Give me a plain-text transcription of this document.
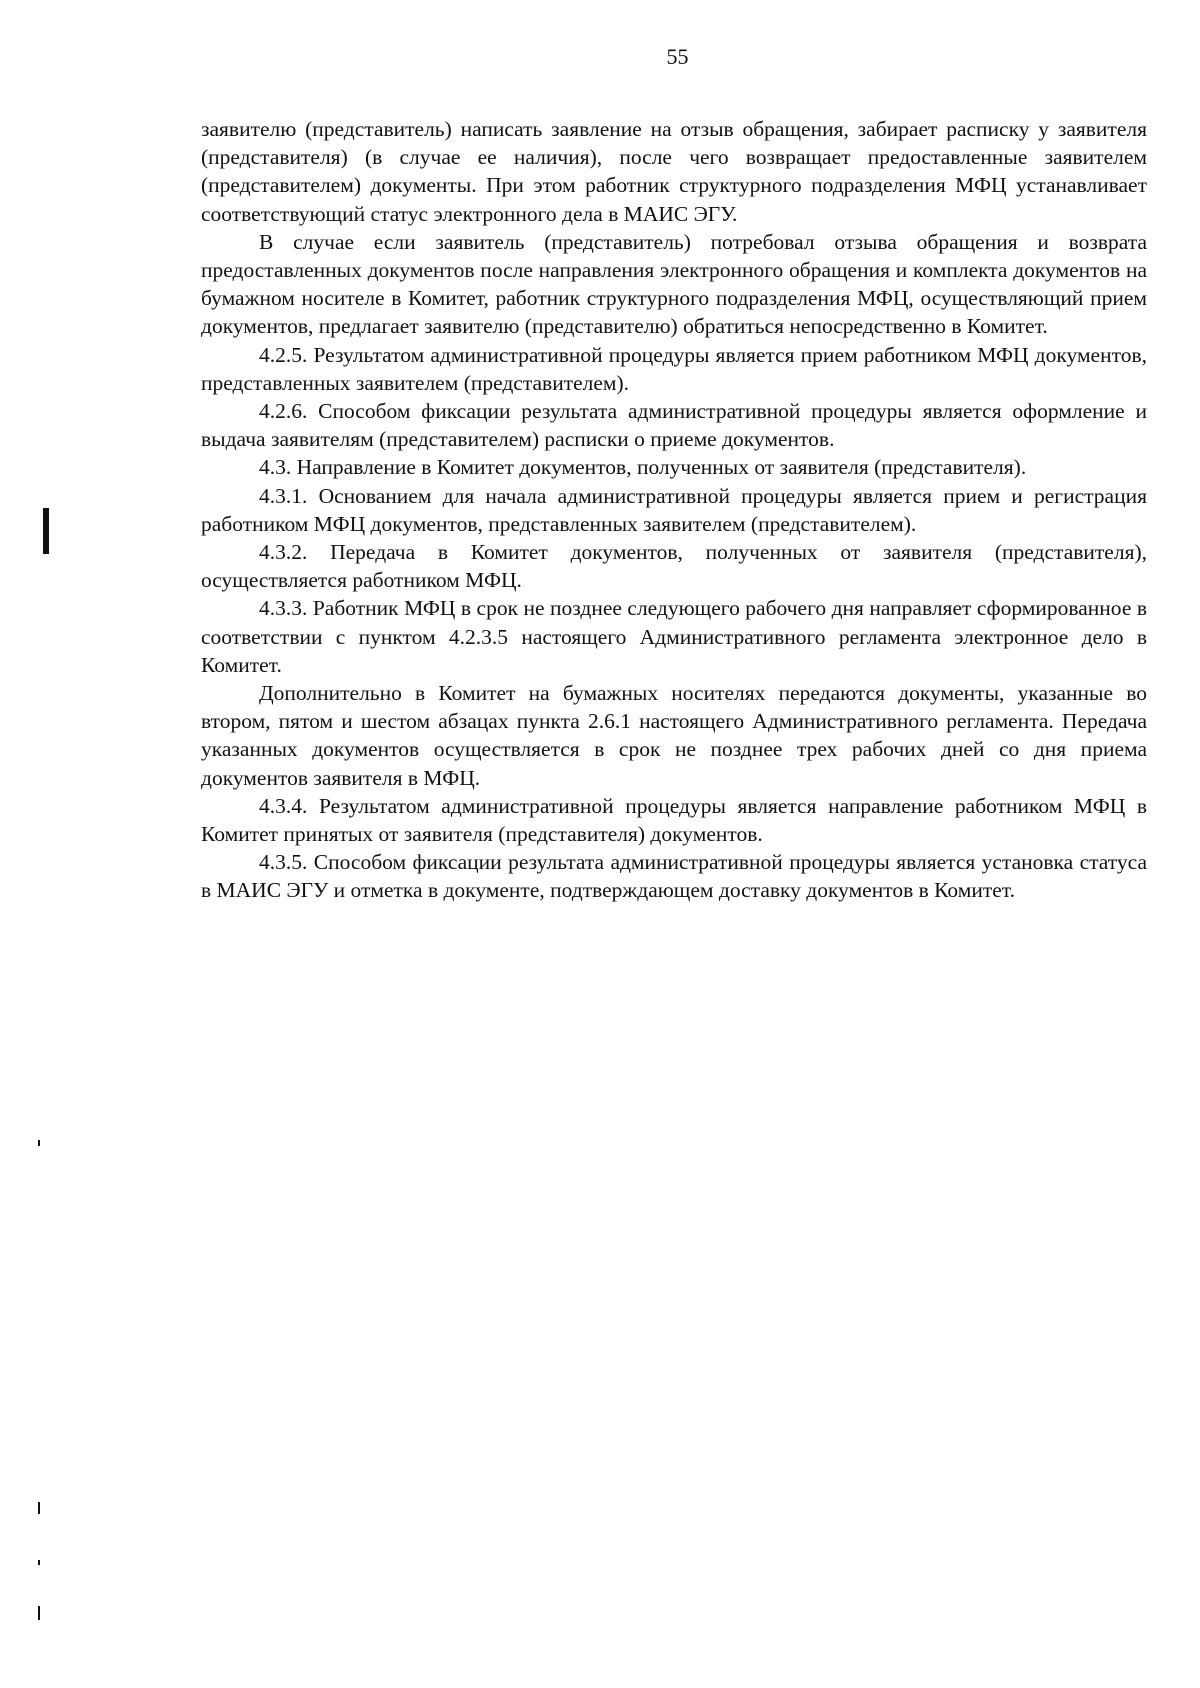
55

заявителю (представитель) написать заявление на отзыв обращения, забирает расписку у заявителя (представителя) (в случае ее наличия), после чего возвращает предоставленные заявителем (представителем) документы. При этом работник структурного подразделения МФЦ устанавливает соответствующий статус электронного дела в МАИС ЭГУ.

В случае если заявитель (представитель) потребовал отзыва обращения и возврата предоставленных документов после направления электронного обращения и комплекта документов на бумажном носителе в Комитет, работник структурного подразделения МФЦ, осуществляющий прием документов, предлагает заявителю (представителю) обратиться непосредственно в Комитет.

4.2.5. Результатом административной процедуры является прием работником МФЦ документов, представленных заявителем (представителем).

4.2.6. Способом фиксации результата административной процедуры является оформление и выдача заявителям (представителем) расписки о приеме документов.

4.3. Направление в Комитет документов, полученных от заявителя (представителя).

4.3.1. Основанием для начала административной процедуры является прием и регистрация работником МФЦ документов, представленных заявителем (представителем).

4.3.2. Передача в Комитет документов, полученных от заявителя (представителя), осуществляется работником МФЦ.

4.3.3. Работник МФЦ в срок не позднее следующего рабочего дня направляет сформированное в соответствии с пунктом 4.2.3.5 настоящего Административного регламента электронное дело в Комитет.

Дополнительно в Комитет на бумажных носителях передаются документы, указанные во втором, пятом и шестом абзацах пункта 2.6.1 настоящего Административного регламента. Передача указанных документов осуществляется в срок не позднее трех рабочих дней со дня приема документов заявителя в МФЦ.

4.3.4. Результатом административной процедуры является направление работником МФЦ в Комитет принятых от заявителя (представителя) документов.

4.3.5. Способом фиксации результата административной процедуры является установка статуса в МАИС ЭГУ и отметка в документе, подтверждающем доставку документов в Комитет.
